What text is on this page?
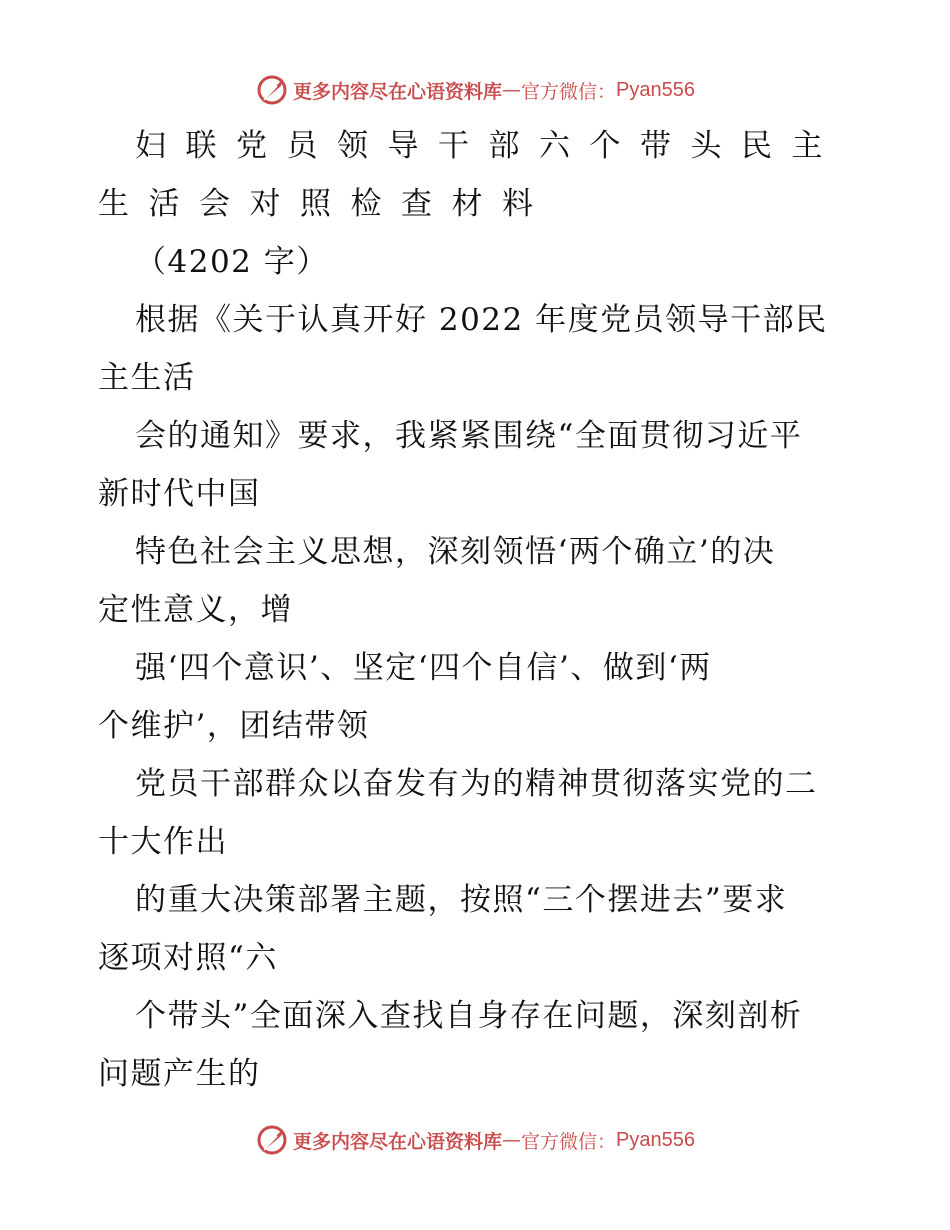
更多内容尽在心语资料库 — 官方微信： Pyan556
妇联党员领导干部六个带头民主
生活会对照检查材料
（4202 字）
根据《关于认真开好 2022 年度党员领导干部民
主生活
会的通知》要求，我紧紧围绕“全面贯彻习近平
新时代中国
特色社会主义思想，深刻领悟‘两个确立’的决
定性意义，增
强‘四个意识’、坚定‘四个自信’、做到‘两
个维护’，团结带领
党员干部群众以奋发有为的精神贯彻落实党的二
十大作出
的重大决策部署主题，按照“三个摆进去”要求
逐项对照“六
个带头”全面深入查找自身存在问题，深刻剖析
问题产生的
更多内容尽在心语资料库 — 官方微信： Pyan556
